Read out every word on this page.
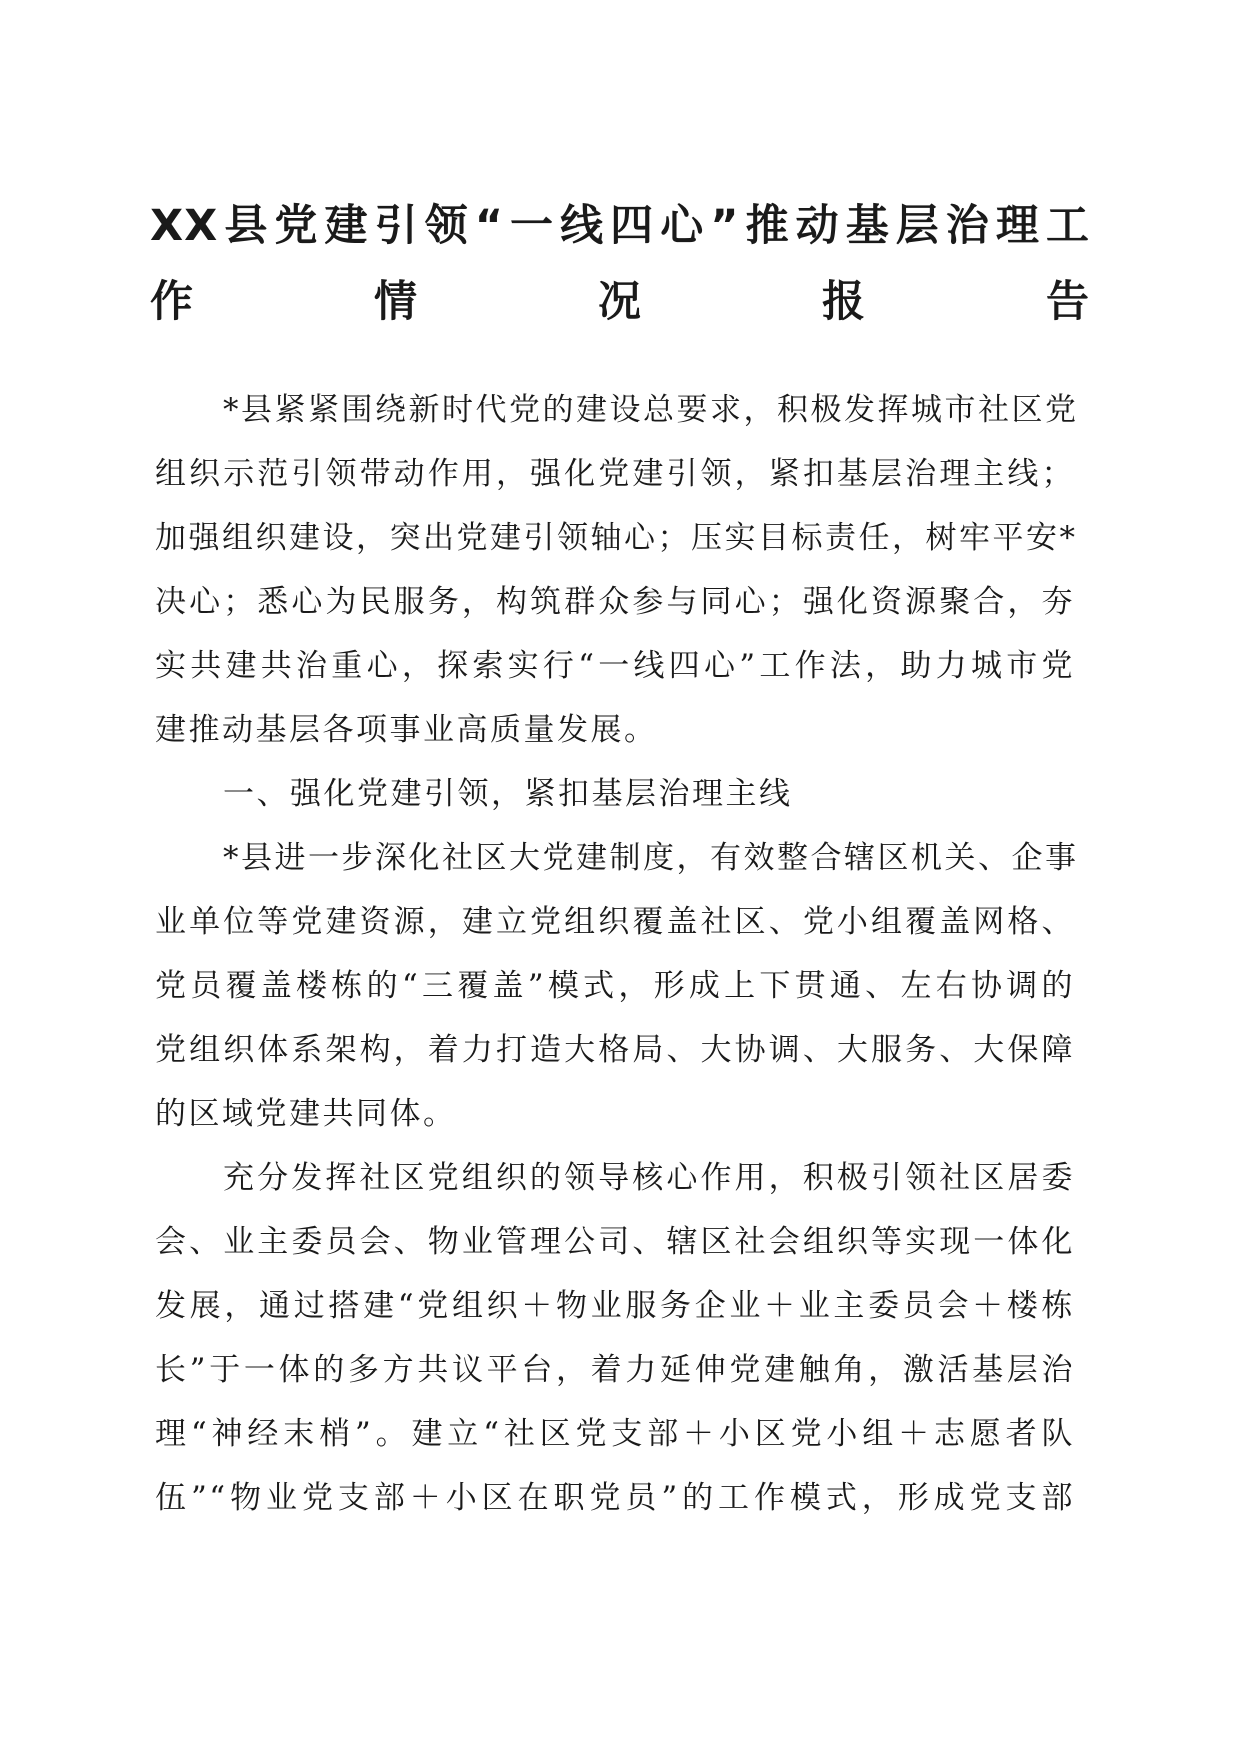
XX县党建引领“一线四心”推动基层治理工
作情况报告

*县紧紧围绕新时代党的建设总要求，积极发挥城市社区党
组织示范引领带动作用，强化党建引领，紧扣基层治理主线；
加强组织建设，突出党建引领轴心；压实目标责任，树牢平安*
决心；悉心为民服务，构筑群众参与同心；强化资源聚合，夯
实共建共治重心，探索实行“一线四心”工作法，助力城市党
建推动基层各项事业高质量发展。

一、强化党建引领，紧扣基层治理主线

*县进一步深化社区大党建制度，有效整合辖区机关、企事
业单位等党建资源，建立党组织覆盖社区、党小组覆盖网格、
党员覆盖楼栋的“三覆盖”模式，形成上下贯通、左右协调的
党组织体系架构，着力打造大格局、大协调、大服务、大保障
的区域党建共同体。

充分发挥社区党组织的领导核心作用，积极引领社区居委
会、业主委员会、物业管理公司、辖区社会组织等实现一体化
发展，通过搭建“党组织＋物业服务企业＋业主委员会＋楼栋
长”于一体的多方共议平台，着力延伸党建触角，激活基层治
理“神经末梢”。建立“社区党支部＋小区党小组＋志愿者队
伍”“物业党支部＋小区在职党员”的工作模式，形成党支部
